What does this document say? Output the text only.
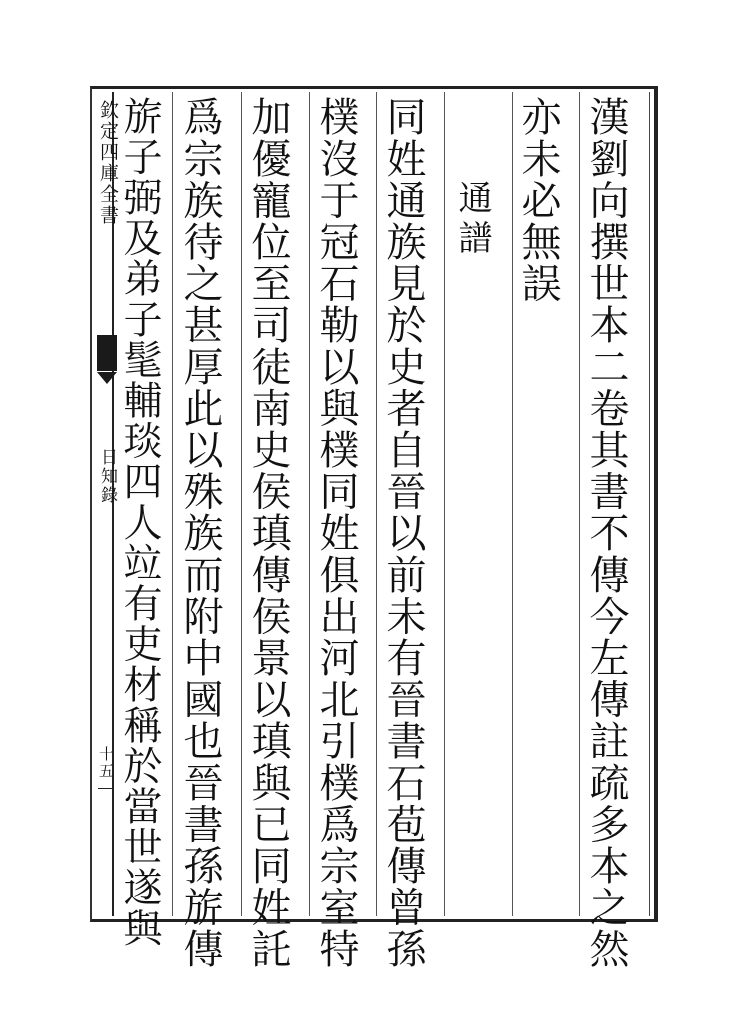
欽定四庫全書
日知錄
十五	漢劉向撰世本二卷其書不傳今左傳註疏多本之然
亦未必無誤
通譜
同姓通族見於史者自晉以前未有晉書石苞傳曾孫
樸沒于冠石勒以與樸同姓俱出河北引樸爲宗室特
加優寵位至司徒南史侯瑱傳侯景以瑱與已同姓託
爲宗族待之甚厚此以殊族而附中國也晉書孫旂傳
旂子弼及弟子髦輔琰四人竝有吏材稱於當世遂與
